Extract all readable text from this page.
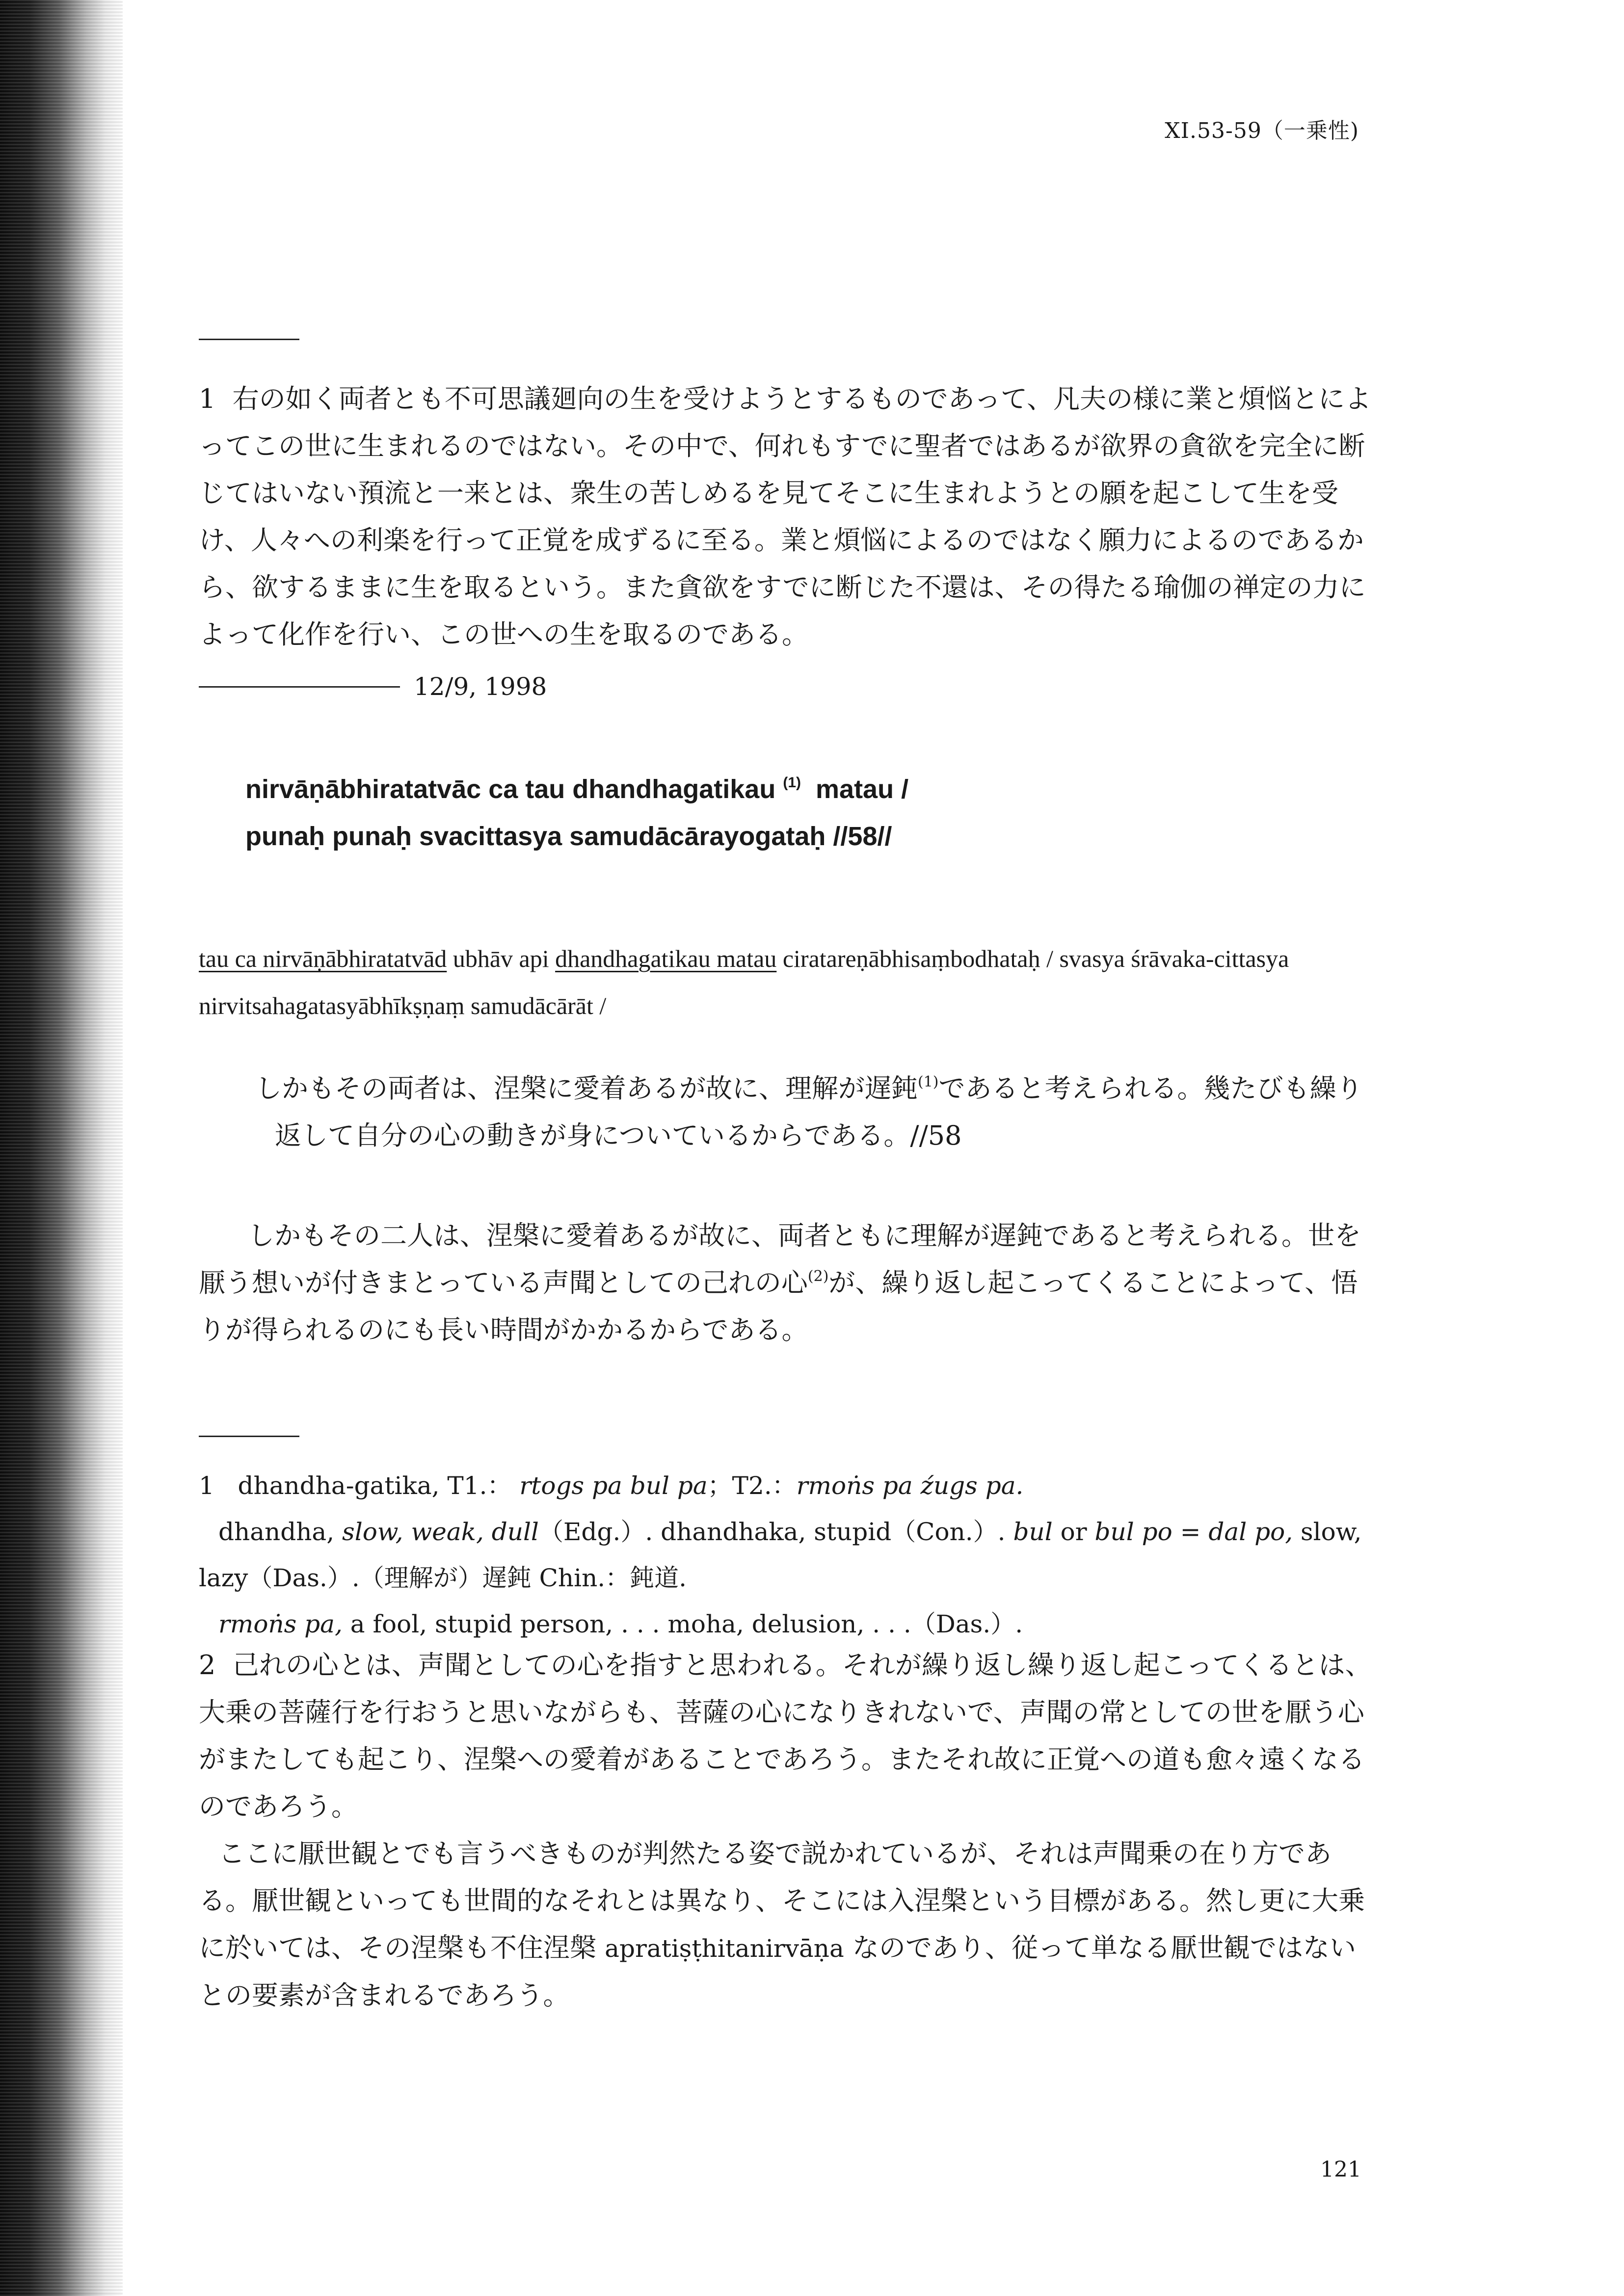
XI.53-59（一乗性)

1 右の如く両者とも不可思議廻向の生を受けようとするものであって、凡夫の様に業と煩悩とによってこの世に生まれるのではない。その中で、何れもすでに聖者ではあるが欲界の貪欲を完全に断じてはいない預流と一来とは、衆生の苦しめるを見てそこに生まれようとの願を起こして生を受け、人々への利楽を行って正覚を成ずるに至る。業と煩悩によるのではなく願力によるのであるから、欲するままに生を取るという。また貪欲をすでに断じた不還は、その得たる瑜伽の禅定の力によって化作を行い、この世への生を取るのである。

12/9, 1998
nirvāṇābhiratatvāc ca tau dhandhagatikau $^{(1)}$ matau /
punaḥ punaḥ svacittasya samudācārayogataḥ //58//
tau ca nirvāṇābhiratatvād ubhāv api dhandhagatikau matau ciratareṇābhisaṃbodhataḥ / svasya śrāvaka-cittasya nirvitsahagatasyābhīkṣṇaṃ samudācārāt /

しかもその両者は、涅槃に愛着あるが故に、理解が遅鈍$^{(1)}$であると考えられる。幾たびも繰り

返して自分の心の動きが身についているからである。//58

しかもその二人は、涅槃に愛着あるが故に、両者ともに理解が遅鈍であると考えられる。世を厭う想いが付きまとっている声聞としての己れの心$^{(2)}$が、繰り返し起こってくることによって、悟りが得られるのにも長い時間がかかるからである。

1 dhandha-gatika, T1.： rtogs pa bul pa；T2.：rmoṅs pa źugs pa.

dhandha, slow, weak, dull（Edg.）. dhandhaka, stupid（Con.）. bul or bul po = dal po, slow, lazy（Das.）.（理解が）遅鈍 Chin.：鈍道.

rmoṅs pa, a fool, stupid person, . . . moha, delusion, . . .（Das.）.

2 己れの心とは、声聞としての心を指すと思われる。それが繰り返し繰り返し起こってくるとは、大乗の菩薩行を行おうと思いながらも、菩薩の心になりきれないで、声聞の常としての世を厭う心がまたしても起こり、涅槃への愛着があることであろう。またそれ故に正覚への道も愈々遠くなるのであろう。

ここに厭世観とでも言うべきものが判然たる姿で説かれているが、それは声聞乗の在り方である。厭世観といっても世間的なそれとは異なり、そこには入涅槃という目標がある。然し更に大乗に於いては、その涅槃も不住涅槃 apratiṣṭhitanirvāṇa なのであり、従って単なる厭世観ではないとの要素が含まれるであろう。

121
